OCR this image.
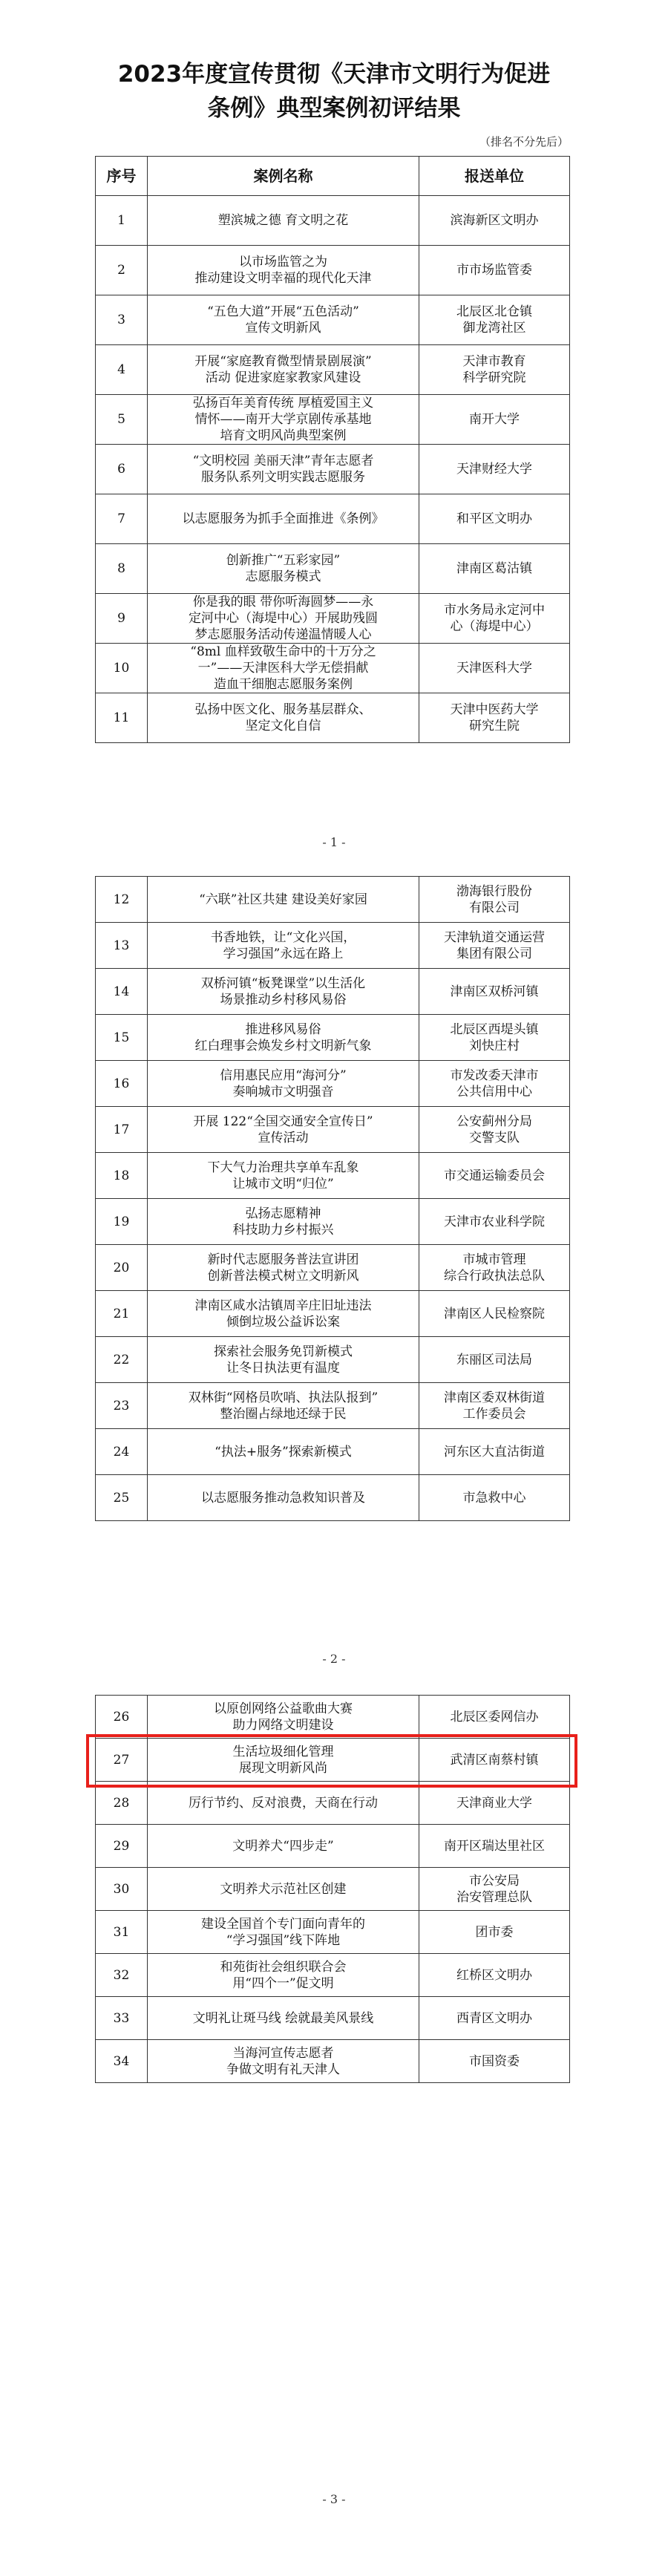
2023年度宣传贯彻《天津市文明行为促进
条例》典型案例初评结果
（排名不分先后）
序号	案例名称	报送单位
1	塑滨城之德 育文明之花	滨海新区文明办
2	以市场监管之为
推动建设文明幸福的现代化天津	市市场监管委
3	“五色大道”开展“五色活动”
宣传文明新风	北辰区北仓镇
御龙湾社区
4	开展“家庭教育微型情景剧展演”
活动 促进家庭家教家风建设	天津市教育
科学研究院
5	弘扬百年美育传统 厚植爱国主义
情怀——南开大学京剧传承基地
培育文明风尚典型案例	南开大学
6	“文明校园 美丽天津”青年志愿者
服务队系列文明实践志愿服务	天津财经大学
7	以志愿服务为抓手全面推进《条例》	和平区文明办
8	创新推广“五彩家园”
志愿服务模式	津南区葛沽镇
9	你是我的眼 带你听海圆梦——永
定河中心（海堤中心）开展助残圆
梦志愿服务活动传递温情暖人心	市水务局永定河中
心（海堤中心）
10	“8ml 血样致敬生命中的十万分之
一”——天津医科大学无偿捐献
造血干细胞志愿服务案例	天津医科大学
11	弘扬中医文化、服务基层群众、
坚定文化自信	天津中医药大学
研究生院
- 1 -
12	“六联”社区共建 建设美好家园	渤海银行股份
有限公司
13	书香地铁，让“文化兴国，
学习强国”永远在路上	天津轨道交通运营
集团有限公司
14	双桥河镇“板凳课堂”以生活化
场景推动乡村移风易俗	津南区双桥河镇
15	推进移风易俗
红白理事会焕发乡村文明新气象	北辰区西堤头镇
刘快庄村
16	信用惠民应用“海河分”
奏响城市文明强音	市发改委天津市
公共信用中心
17	开展 122“全国交通安全宣传日”
宣传活动	公安蓟州分局
交警支队
18	下大气力治理共享单车乱象
让城市文明“归位”	市交通运输委员会
19	弘扬志愿精神
科技助力乡村振兴	天津市农业科学院
20	新时代志愿服务普法宣讲团
创新普法模式树立文明新风	市城市管理
综合行政执法总队
21	津南区咸水沽镇周辛庄旧址违法
倾倒垃圾公益诉讼案	津南区人民检察院
22	探索社会服务免罚新模式
让冬日执法更有温度	东丽区司法局
23	双林街“网格员吹哨、执法队报到”
整治圈占绿地还绿于民	津南区委双林街道
工作委员会
24	“执法+服务”探索新模式	河东区大直沽街道
25	以志愿服务推动急救知识普及	市急救中心
- 2 -
26	以原创网络公益歌曲大赛
助力网络文明建设	北辰区委网信办
27	生活垃圾细化管理
展现文明新风尚	武清区南蔡村镇
28	厉行节约、反对浪费，天商在行动	天津商业大学
29	文明养犬“四步走”	南开区瑞达里社区
30	文明养犬示范社区创建	市公安局
治安管理总队
31	建设全国首个专门面向青年的
“学习强国”线下阵地	团市委
32	和苑街社会组织联合会
用“四个一”促文明	红桥区文明办
33	文明礼让斑马线 绘就最美风景线	西青区文明办
34	当海河宣传志愿者
争做文明有礼天津人	市国资委
- 3 -
